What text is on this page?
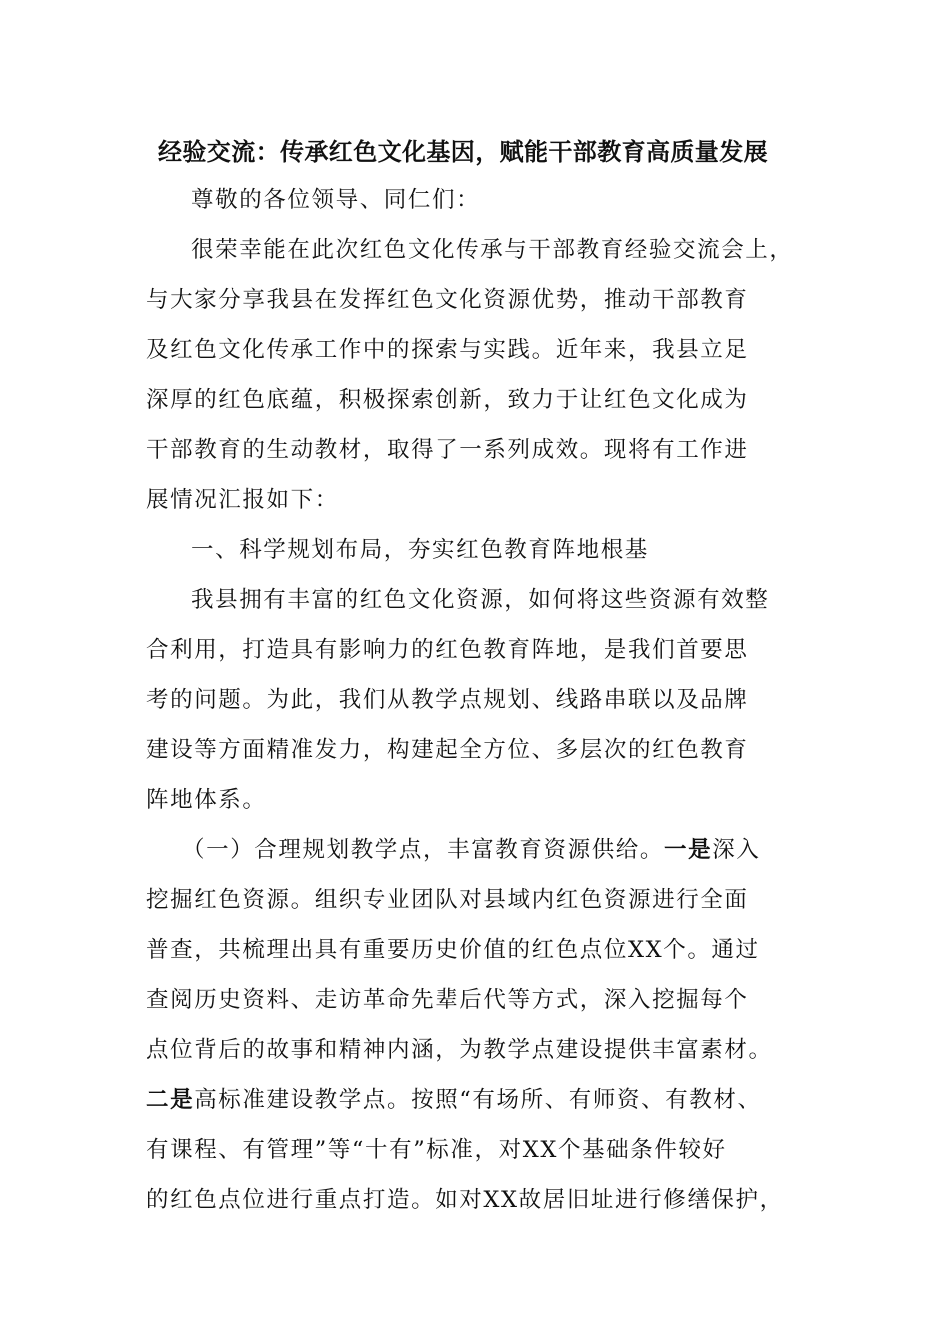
经验交流：传承红色文化基因，赋能干部教育高质量发展
尊敬的各位领导、同仁们：
很荣幸能在此次红色文化传承与干部教育经验交流会上，
与大家分享我县在发挥红色文化资源优势，推动干部教育
及红色文化传承工作中的探索与实践。近年来，我县立足
深厚的红色底蕴，积极探索创新，致力于让红色文化成为
干部教育的生动教材，取得了一系列成效。现将有工作进
展情况汇报如下：
一、科学规划布局，夯实红色教育阵地根基
我县拥有丰富的红色文化资源，如何将这些资源有效整
合利用，打造具有影响力的红色教育阵地，是我们首要思
考的问题。为此，我们从教学点规划、线路串联以及品牌
建设等方面精准发力，构建起全方位、多层次的红色教育
阵地体系。
（一）合理规划教学点，丰富教育资源供给。一是深入
挖掘红色资源。组织专业团队对县域内红色资源进行全面
普查，共梳理出具有重要历史价值的红色点位XX个。通过
查阅历史资料、走访革命先辈后代等方式，深入挖掘每个
点位背后的故事和精神内涵，为教学点建设提供丰富素材。
二是高标准建设教学点。按照“有场所、有师资、有教材、
有课程、有管理”等“十有”标准，对XX个基础条件较好
的红色点位进行重点打造。如对XX故居旧址进行修缮保护，
